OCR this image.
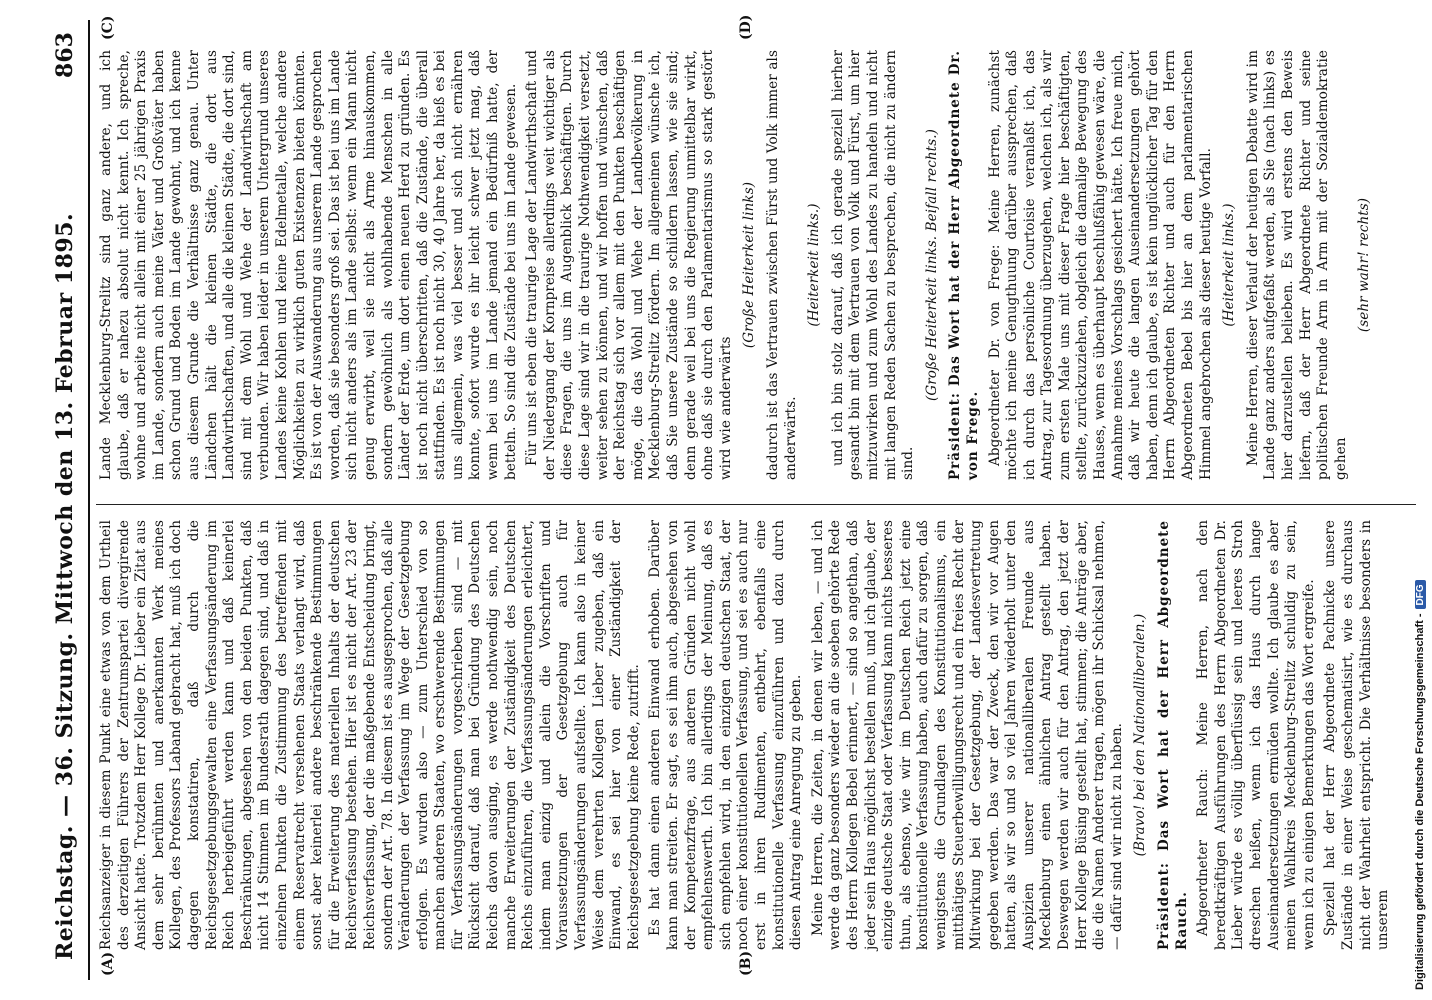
Reichstag. — 36. Sitzung. Mittwoch den 13. Februar 1895.
863
(A)	(B)
(C)	(D)

Reichsanzeiger in diesem Punkt eine etwas von dem Urtheil des derzeitigen Führers der Zentrumspartei divergirende Ansicht hatte. Trotzdem Herr Kollege Dr. Lieber ein Zitat aus dem sehr berühmten und anerkannten Werk meines Kollegen, des Professors Laband gebracht hat, muß ich doch dagegen konstatiren, daß durch die Reichsgesetzgebungsgewalten eine Verfassungsänderung im Reich herbeigeführt werden kann und daß keinerlei Beschränkungen, abgesehen von den beiden Punkten, daß nicht 14 Stimmen im Bundesrath dagegen sind, und daß in einzelnen Punkten die Zustimmung des betreffenden mit einem Reservatrecht versehenen Staats verlangt wird, daß sonst aber keinerlei andere beschränkende Bestimmungen für die Erweiterung des materiellen Inhalts der deutschen Reichsverfassung bestehen. Hier ist es nicht der Art. 23 der Reichsverfassung, der die maßgebende Entscheidung bringt, sondern der Art. 78. In diesem ist es ausgesprochen, daß alle Veränderungen der Verfassung im Wege der Gesetzgebung erfolgen. Es wurden also — zum Unterschied von so manchen anderen Staaten, wo erschwerende Bestimmungen für Verfassungsänderungen vorgeschrieben sind — mit Rücksicht darauf, daß man bei Gründung des Deutschen Reichs davon ausging, es werde nothwendig sein, noch manche Erweiterungen der Zuständigkeit des Deutschen Reichs einzuführen, die Verfassungsänderungen erleichtert, indem man einzig und allein die Vorschriften und Voraussetzungen der Gesetzgebung auch für Verfassungsänderungen aufstellte. Ich kann also in keiner Weise dem verehrten Kollegen Lieber zugeben, daß ein Einwand, es sei hier von einer Zuständigkeit der Reichsgesetzgebung keine Rede, zutrifft. Es hat dann einen anderen Einwand erhoben. Darüber kann man streiten. Er sagt, es sei ihm auch, abgesehen von der Kompetenzfrage, aus anderen Gründen nicht wohl empfehlenswerth. Ich bin allerdings der Meinung, daß es sich empfehlen wird, in den einzigen deutschen Staat, der noch einer konstitutionellen Verfassung, und sei es auch nur erst in ihren Rudimenten, entbehrt, ebenfalls eine konstitutionelle Verfassung einzuführen und dazu durch diesen Antrag eine Anregung zu geben. Meine Herren, die Zeiten, in denen wir leben, — und ich werde da ganz besonders wieder an die soeben gehörte Rede des Herrn Kollegen Bebel erinnert, — sind so angethan, daß jeder sein Haus möglichst bestellen muß, und ich glaube, der einzige deutsche Staat oder Verfassung kann nichts besseres thun, als ebenso, wie wir im Deutschen Reich jetzt eine konstitutionelle Verfassung haben, auch dafür zu sorgen, daß wenigstens die Grundlagen des Konstitutionalismus, ein mitthätiges Steuerbewilligungsrecht und ein freies Recht der Mitwirkung bei der Gesetzgebung, der Landesvertretung gegeben werden. Das war der Zweck, den wir vor Augen hatten, als wir so und so viel Jahren wiederholt unter den Auspizien unserer nationalliberalen Freunde aus Mecklenburg einen ähnlichen Antrag gestellt haben. Deswegen werden wir auch für den Antrag, den jetzt der Herr Kollege Büsing gestellt hat, stimmen; die Anträge aber, die die Namen Anderer tragen, mögen ihr Schicksal nehmen, — dafür sind wir nicht zu haben. (Bravo! bei den Nationalliberalen.) Präsident: Das Wort hat der Herr Abgeordnete Rauch. Abgeordneter Rauch: Meine Herren, nach den beredtkräftigen Ausführungen des Herrn Abgeordneten Dr. Lieber würde es völlig überflüssig sein und leeres Stroh dreschen heißen, wenn ich das Haus durch lange Auseinandersetzungen ermüden wollte. Ich glaube es aber meinen Wahlkreis Mecklenburg-Strelitz schuldig zu sein, wenn ich zu einigen Bemerkungen das Wort ergreife. Speziell hat der Herr Abgeordnete Pachnicke unsere Zustände in einer Weise geschematisirt, wie es durchaus nicht der Wahrheit entspricht. Die Verhältnisse besonders in unserem

Lande Mecklenburg-Strelitz sind ganz andere, und ich glaube, daß er nahezu absolut nicht kennt. Ich spreche, wohne und arbeite nicht allein mit einer 25 jährigen Praxis im Lande, sondern auch meine Väter und Großväter haben schon Grund und Boden im Lande gewohnt, und ich kenne aus diesem Grunde die Verhältnisse ganz genau. Unter Ländchen hält die kleinen Städte, die dort aus Landwirthschaften, und alle die kleinen Städte, die dort sind, sind mit dem Wohl und Wehe der Landwirthschaft am verbunden. Wir haben leider in unserem Untergrund unseres Landes keine Kohlen und keine Edelmetalle, welche andere Möglichkeiten zu wirklich guten Existenzen bieten könnten. Es ist von der Auswanderung aus unserem Lande gesprochen worden, daß sie besonders groß sei. Das ist bei uns im Lande sich nicht anders als im Lande selbst: wenn ein Mann nicht genug erwirbt, weil sie nicht als Arme hinauskommen, sondern gewöhnlich als wohlhabende Menschen in alle Länder der Erde, um dort einen neuen Herd zu gründen. Es ist noch nicht überschritten, daß die Zustände, die überall stattfinden. Es ist noch nicht 30, 40 Jahre her, da hieß es bei uns allgemein, was viel besser und sich nicht ernähren konnte, sofort wurde es ihr leicht schwer jetzt mag, daß wenn bei uns im Lande jemand ein Bedürfniß hatte, der betteln. So sind die Zustände bei uns im Lande gewesen. Für uns ist eben die traurige Lage der Landwirthschaft und der Niedergang der Kornpreise allerdings weit wichtiger als diese Fragen, die uns im Augenblick beschäftigen. Durch diese Lage sind wir in die traurige Nothwendigkeit versetzt, weiter sehen zu können, und wir hoffen und wünschen, daß der Reichstag sich vor allem mit den Punkten beschäftigen möge, die das Wohl und Wehe der Landbevölkerung in Mecklenburg-Strelitz fördern. Im allgemeinen wünsche ich, daß Sie unsere Zustände so schildern lassen, wie sie sind; denn gerade weil bei uns die Regierung unmittelbar wirkt, ohne daß sie durch den Parlamentarismus so stark gestört wird wie anderwärts

(Große Heiterkeit links) dadurch ist das Vertrauen zwischen Fürst und Volk immer als anderwärts.

(Heiterkeit links.) und ich bin stolz darauf, daß ich gerade speziell hierher gesandt bin mit dem Vertrauen von Volk und Fürst, um hier mitzuwirken und zum Wohl des Landes zu handeln und nicht mit langen Reden Sachen zu besprechen, die nicht zu ändern sind.

(Große Heiterkeit links. Beifall rechts.) Präsident: Das Wort hat der Herr Abgeordnete Dr. von Frege. Abgeordneter Dr. von Frege: Meine Herren, zunächst möchte ich meine Genugthuung darüber aussprechen, daß ich durch das persönliche Courtoisie veranlaßt ich, das Antrag, zur Tagesordnung überzugehen, welchen ich, als wir zum ersten Male uns mit dieser Frage hier beschäftigten, stellte, zurückzuziehen, obgleich die damalige Bewegung des Hauses, wenn es überhaupt beschlußfähig gewesen wäre, die Annahme meines Vorschlags gesichert hätte. Ich freue mich, daß wir heute die langen Auseinandersetzungen gehört haben, denn ich glaube, es ist kein unglücklicher Tag für den Herrn Abgeordneten Richter und auch für den Herrn Abgeordneten Bebel bis hier an dem parlamentarischen Himmel angebrochen als dieser heutige Vorfall. (Heiterkeit links.) Meine Herren, dieser Verlauf der heutigen Debatte wird im Lande ganz anders aufgefaßt werden, als Sie (nach links) es hier darzustellen belieben. Es wird erstens den Beweis liefern, daß der Herr Abgeordnete Richter und seine politischen Freunde Arm in Arm mit der Sozialdemokratie gehen

(sehr wahr! rechts)

Digitalisierung gefördert durch die Deutsche Forschungsgemeinschaft -DFG
